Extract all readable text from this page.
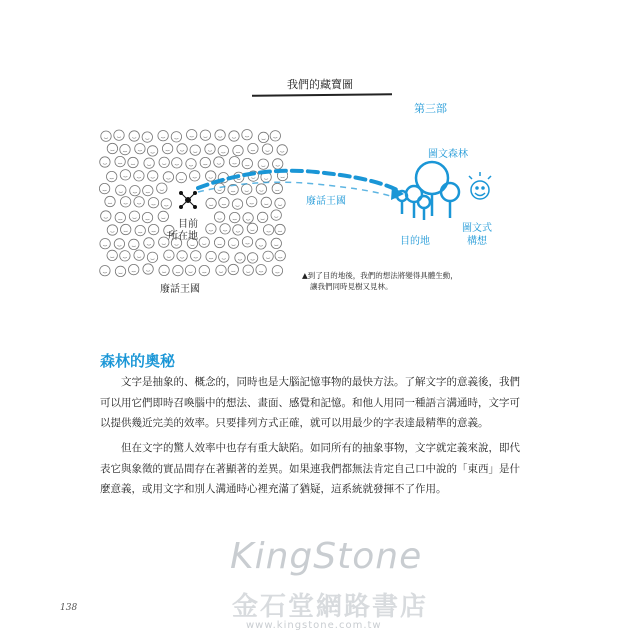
我們的藏寶圖
目前
所在地
廢話王國
廢話王國
第三部
圖文森林
目的地
圖文式
構想
▲到了目的地後，我們的想法將變得具體生動，
讓我們同時見樹又見林。
森林的奧秘

文字是抽象的、概念的，同時也是大腦記憶事物的最快方法。了解文字的意義後，我們可以用它們即時召喚腦中的想法、畫面、感覺和記憶。和他人用同一種語言溝通時，文字可以提供幾近完美的效率。只要排列方式正確，就可以用最少的字表達最精準的意義。

但在文字的驚人效率中也存有重大缺陷。如同所有的抽象事物，文字就定義來說，即代表它與象徵的實品間存在著顯著的差異。如果連我們都無法肯定自己口中說的「東西」是什麼意義，或用文字和別人溝通時心裡充滿了猶疑，這系統就發揮不了作用。

KingStone
金石堂網路書店
www.kingstone.com.tw
138
